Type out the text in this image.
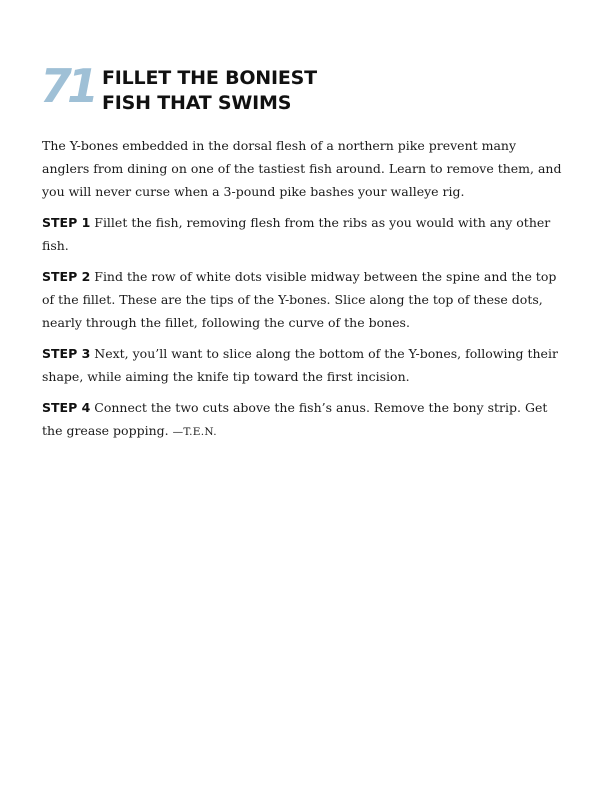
71 FILLET THE BONIEST
FISH THAT SWIMS

The Y-bones embedded in the dorsal flesh of a northern pike prevent many anglers from dining on one of the tastiest fish around. Learn to remove them, and you will never curse when a 3-pound pike bashes your walleye rig.

STEP 1 Fillet the fish, removing flesh from the ribs as you would with any other fish.

STEP 2 Find the row of white dots visible midway between the spine and the top of the fillet. These are the tips of the Y-bones. Slice along the top of these dots, nearly through the fillet, following the curve of the bones.

STEP 3 Next, you’ll want to slice along the bottom of the Y-bones, following their shape, while aiming the knife tip toward the first incision.

STEP 4 Connect the two cuts above the fish’s anus. Remove the bony strip. Get the grease popping. —T.E.N.
